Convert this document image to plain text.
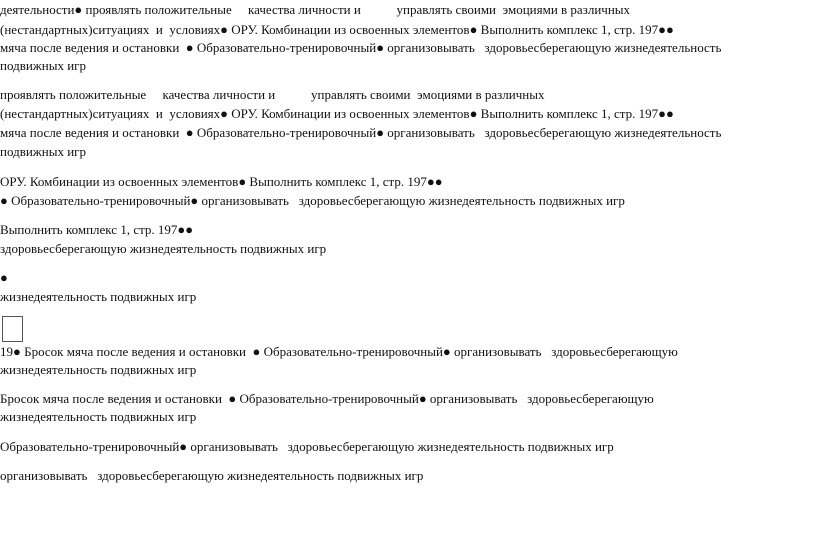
деятельности● проявлять положительные     качества личности и           управлять своими  эмоциями в различных
(нестандартных)ситуациях  и  условиях● ОРУ. Комбинации из освоенных элементов● Выполнить комплекс 1, стр. 197●●
мяча после ведения и остановки  ● Образовательно-тренировочный● организовывать   здоровьесберегающую жизнедеятельность
подвижных игр
проявлять положительные     качества личности и           управлять своими  эмоциями в различных
(нестандартных)ситуациях  и  условиях● ОРУ. Комбинации из освоенных элементов● Выполнить комплекс 1, стр. 197●●
мяча после ведения и остановки  ● Образовательно-тренировочный● организовывать   здоровьесберегающую жизнедеятельность
подвижных игр
ОРУ. Комбинации из освоенных элементов● Выполнить комплекс 1, стр. 197●●
● Образовательно-тренировочный● организовывать   здоровьесберегающую жизнедеятельность подвижных игр
Выполнить комплекс 1, стр. 197●●
здоровьесберегающую жизнедеятельность подвижных игр
●
жизнедеятельность подвижных игр
19● Бросок мяча после ведения и остановки  ● Образовательно-тренировочный● организовывать   здоровьесберегающую
жизнедеятельность подвижных игр
Бросок мяча после ведения и остановки  ● Образовательно-тренировочный● организовывать   здоровьесберегающую
жизнедеятельность подвижных игр
Образовательно-тренировочный● организовывать   здоровьесберегающую жизнедеятельность подвижных игр
организовывать   здоровьесберегающую жизнедеятельность подвижных игр
